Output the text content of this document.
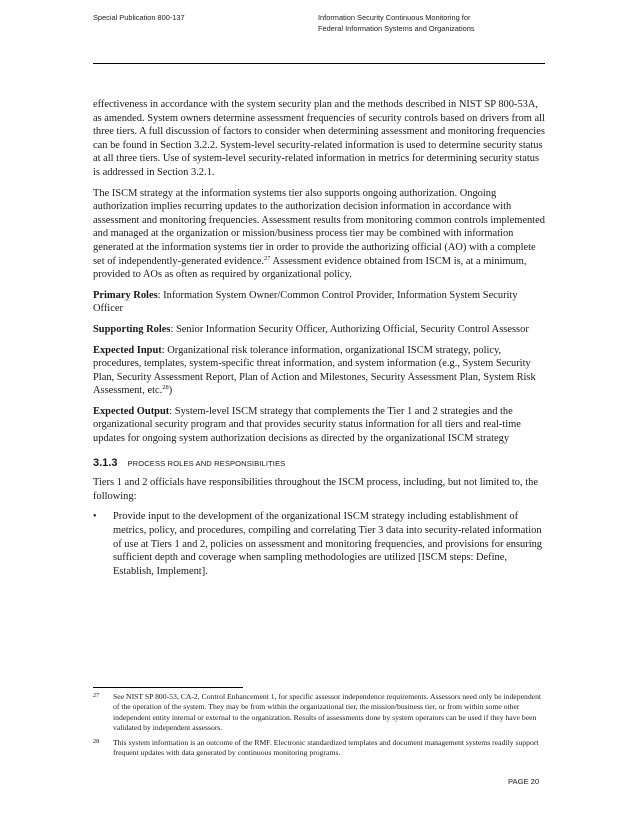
Special Publication 800-137	Information Security Continuous Monitoring for
Federal Information Systems and Organizations

effectiveness in accordance with the system security plan and the methods described in NIST SP 800-53A, as amended. System owners determine assessment frequencies of security controls based on drivers from all three tiers. A full discussion of factors to consider when determining assessment and monitoring frequencies can be found in Section 3.2.2. System-level security-related information is used to determine security status at all three tiers. Use of system-level security-related information in metrics for determining security status is addressed in Section 3.2.1.

The ISCM strategy at the information systems tier also supports ongoing authorization. Ongoing authorization implies recurring updates to the authorization decision information in accordance with assessment and monitoring frequencies. Assessment results from monitoring common controls implemented and managed at the organization or mission/business process tier may be combined with information generated at the information systems tier in order to provide the authorizing official (AO) with a complete set of independently-generated evidence.$^{27}$ Assessment evidence obtained from ISCM is, at a minimum, provided to AOs as often as required by organizational policy.

Primary Roles: Information System Owner/Common Control Provider, Information System Security Officer

Supporting Roles: Senior Information Security Officer, Authorizing Official, Security Control Assessor

Expected Input: Organizational risk tolerance information, organizational ISCM strategy, policy, procedures, templates, system-specific threat information, and system information (e.g., System Security Plan, Security Assessment Report, Plan of Action and Milestones, Security Assessment Plan, System Risk Assessment, etc.$^{28}$)

Expected Output: System-level ISCM strategy that complements the Tier 1 and 2 strategies and the organizational security program and that provides security status information for all tiers and real-time updates for ongoing system authorization decisions as directed by the organizational ISCM strategy

3.1.3 PROCESS ROLES AND RESPONSIBILITIES

Tiers 1 and 2 officials have responsibilities throughout the ISCM process, including, but not limited to, the following:

•	Provide input to the development of the organizational ISCM strategy including establishment of metrics, policy, and procedures, compiling and correlating Tier 3 data into security-related information of use at Tiers 1 and 2, policies on assessment and monitoring frequencies, and provisions for ensuring sufficient depth and coverage when sampling methodologies are utilized [ISCM steps: Define, Establish, Implement].
27	See NIST SP 800-53, CA-2, Control Enhancement 1, for specific assessor independence requirements. Assessors need only be independent of the operation of the system. They may be from within the organizational tier, the mission/business tier, or from within some other independent entity internal or external to the organization. Results of assessments done by system operators can be used if they have been validated by independent assessors.
28	This system information is an outcome of the RMF. Electronic standardized templates and document management systems readily support frequent updates with data generated by continuous monitoring programs.
PAGE 20
